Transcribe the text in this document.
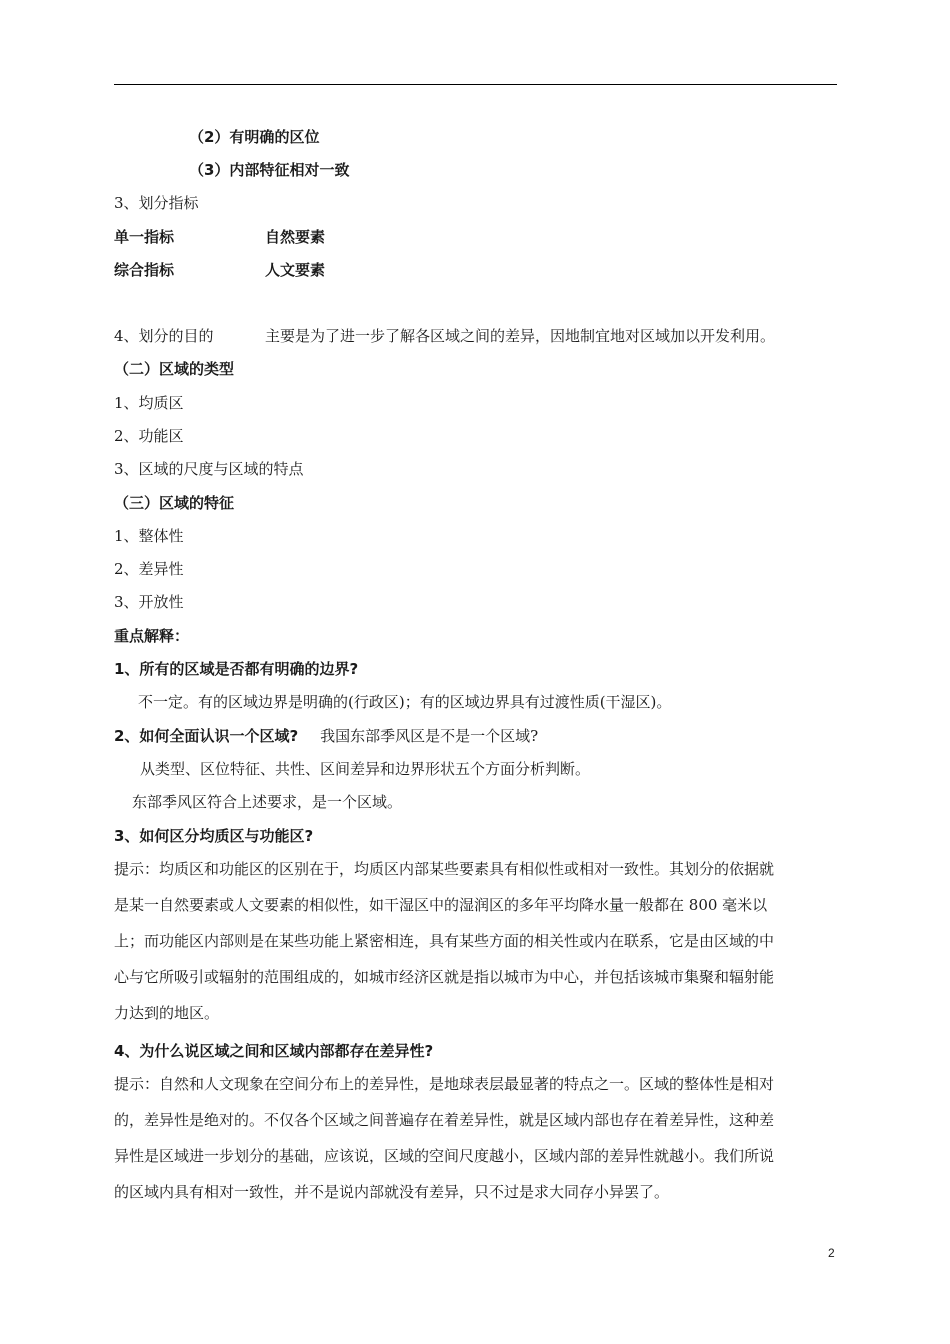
（2）有明确的区位
（3）内部特征相对一致
3、划分指标
单一指标	自然要素
综合指标	人文要素
4、划分的目的	主要是为了进一步了解各区域之间的差异，因地制宜地对区域加以开发利用。
（二）区域的类型
1、均质区
2、功能区
3、区域的尺度与区域的特点
（三）区域的特征
1、整体性
2、差异性
3、开放性
重点解释：
1、所有的区域是否都有明确的边界?
不一定。有的区域边界是明确的(行政区)；有的区域边界具有过渡性质(干湿区)。
2、如何全面认识一个区域? 我国东部季风区是不是一个区域?
从类型、区位特征、共性、区间差异和边界形状五个方面分析判断。
东部季风区符合上述要求，是一个区域。
3、如何区分均质区与功能区?
提示：均质区和功能区的区别在于，均质区内部某些要素具有相似性或相对一致性。其划分的依据就
是某一自然要素或人文要素的相似性，如干湿区中的湿润区的多年平均降水量一般都在 800 毫米以
上；而功能区内部则是在某些功能上紧密相连，具有某些方面的相关性或内在联系，它是由区域的中
心与它所吸引或辐射的范围组成的，如城市经济区就是指以城市为中心，并包括该城市集聚和辐射能
力达到的地区。
4、为什么说区域之间和区域内部都存在差异性?
提示：自然和人文现象在空间分布上的差异性，是地球表层最显著的特点之一。区域的整体性是相对
的，差异性是绝对的。不仅各个区域之间普遍存在着差异性，就是区域内部也存在着差异性，这种差
异性是区域进一步划分的基础，应该说，区域的空间尺度越小，区域内部的差异性就越小。我们所说
的区域内具有相对一致性，并不是说内部就没有差异，只不过是求大同存小异罢了。
2
